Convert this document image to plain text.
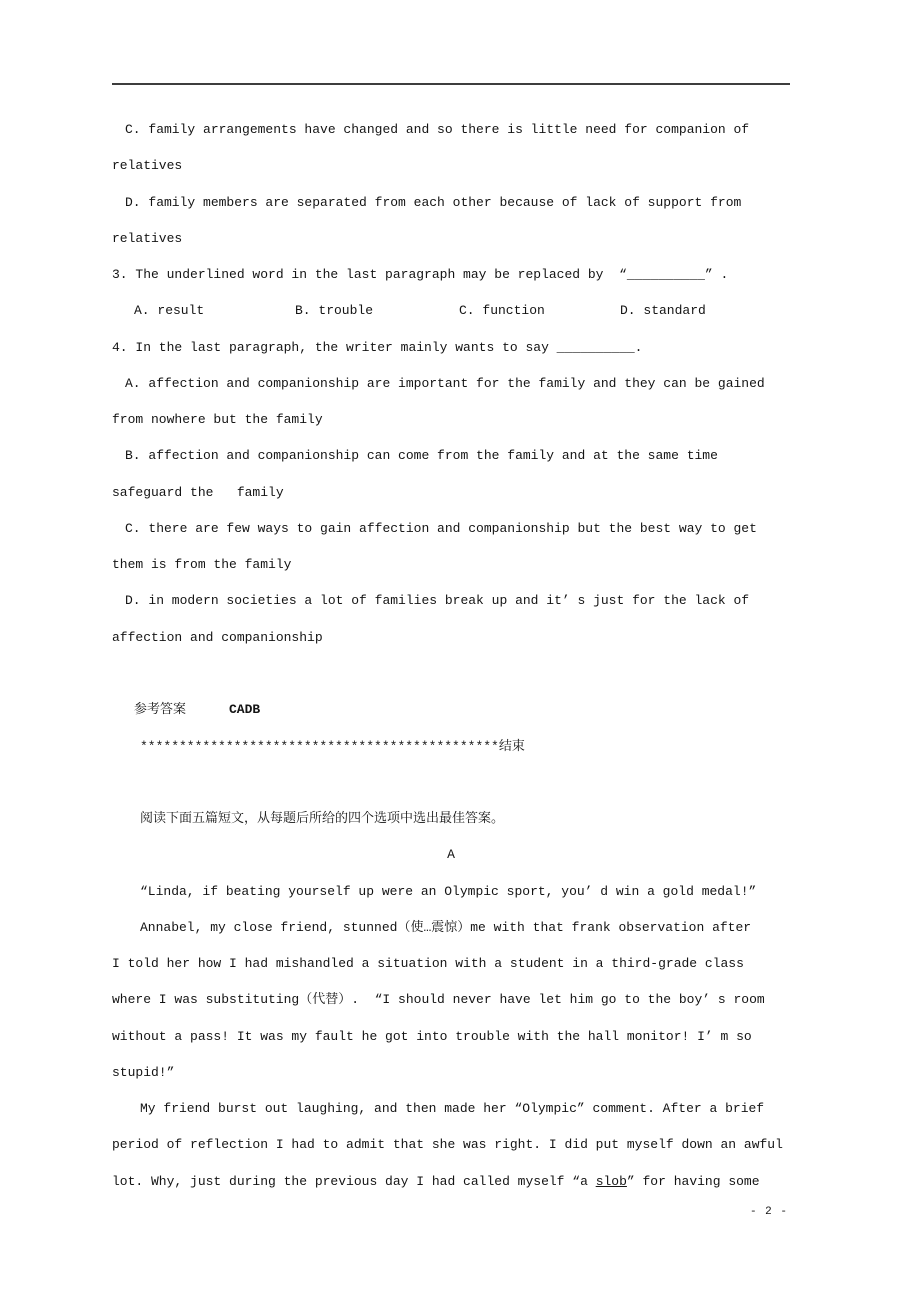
C. family arrangements have changed and so there is little need for companion of
relatives
D. family members are separated from each other because of lack of support from
relatives
3. The underlined word in the last paragraph may be replaced by  “__________” .
A. result	B. trouble	C. function	D. standard
4. In the last paragraph, the writer mainly wants to say __________.
A. affection and companionship are important for the family and they can be gained
from nowhere but the family
B. affection and companionship can come from the family and at the same time
safeguard the   family
C. there are few ways to gain affection and companionship but the best way to get
them is from the family
D. in modern societies a lot of families break up and it’ s just for the lack of
affection and companionship
参考答案	CADB
**********************************************结束
阅读下面五篇短文，从每题后所给的四个选项中选出最佳答案。
A
“Linda, if beating yourself up were an Olympic sport, you’ d win a gold medal!”
Annabel, my close friend, stunned（使…震惊）me with that frank observation after
I told her how I had mishandled a situation with a student in a third-grade class
where I was substituting（代替）.  “I should never have let him go to the boy’ s room
without a pass! It was my fault he got into trouble with the hall monitor! I’ m so
stupid!”
My friend burst out laughing, and then made her “Olympic” comment. After a brief
period of reflection I had to admit that she was right. I did put myself down an awful
lot. Why, just during the previous day I had called myself “a slob” for having some
- 2 -
